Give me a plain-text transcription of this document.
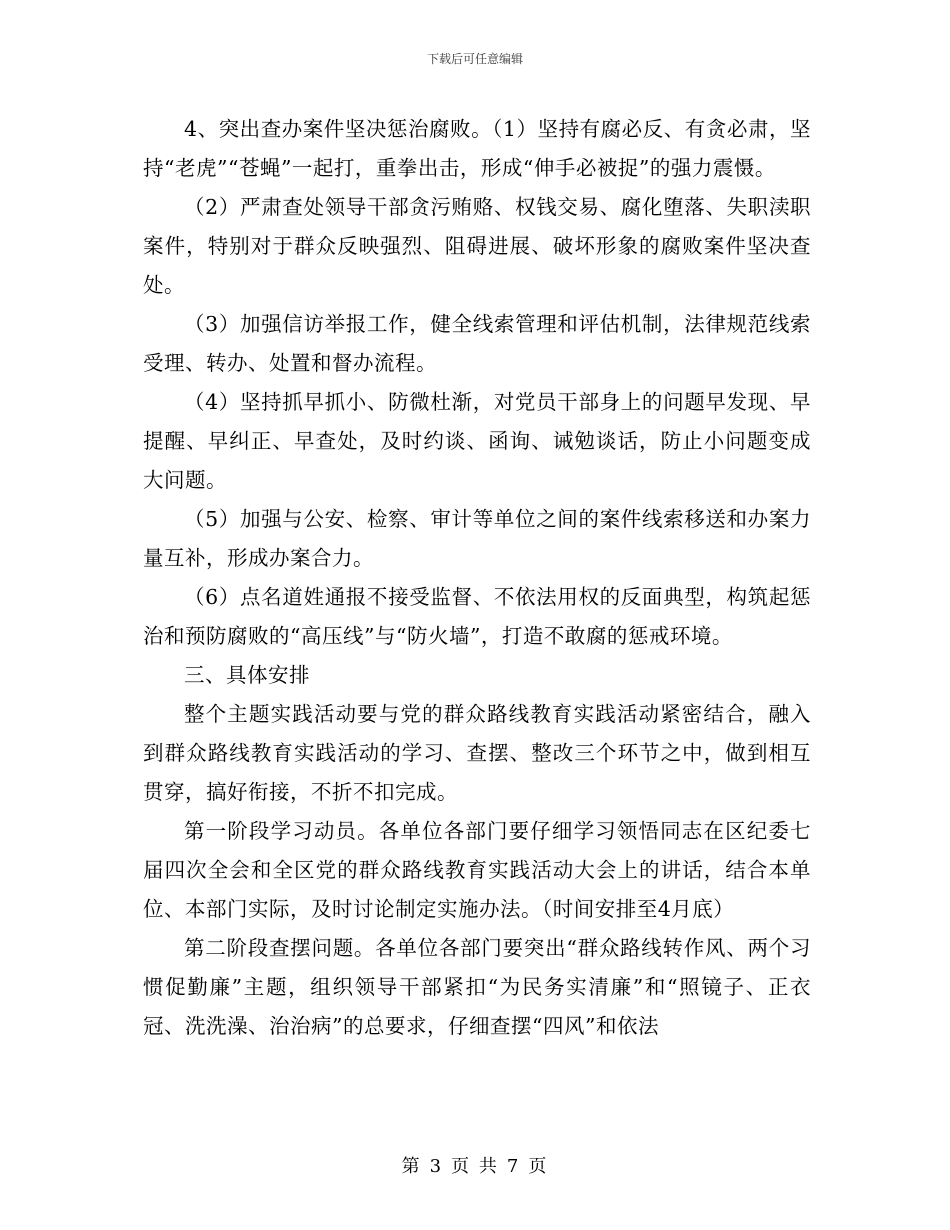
下载后可任意编辑

4、突出查办案件坚决惩治腐败。（1）坚持有腐必反、有贪必肃，坚持“老虎”“苍蝇”一起打，重拳出击，形成“伸手必被捉”的强力震慑。

（2）严肃查处领导干部贪污贿赂、权钱交易、腐化堕落、失职渎职案件，特别对于群众反映强烈、阻碍进展、破坏形象的腐败案件坚决查处。

（3）加强信访举报工作，健全线索管理和评估机制，法律规范线索受理、转办、处置和督办流程。

（4）坚持抓早抓小、防微杜渐，对党员干部身上的问题早发现、早提醒、早纠正、早查处，及时约谈、函询、诫勉谈话，防止小问题变成大问题。

（5）加强与公安、检察、审计等单位之间的案件线索移送和办案力量互补，形成办案合力。

（6）点名道姓通报不接受监督、不依法用权的反面典型，构筑起惩治和预防腐败的“高压线”与“防火墙”，打造不敢腐的惩戒环境。

三、具体安排

整个主题实践活动要与党的群众路线教育实践活动紧密结合，融入到群众路线教育实践活动的学习、查摆、整改三个环节之中，做到相互贯穿，搞好衔接，不折不扣完成。

第一阶段学习动员。各单位各部门要仔细学习领悟同志在区纪委七届四次全会和全区党的群众路线教育实践活动大会上的讲话，结合本单位、本部门实际，及时讨论制定实施办法。（时间安排至4月底）

第二阶段查摆问题。各单位各部门要突出“群众路线转作风、两个习惯促勤廉”主题，组织领导干部紧扣“为民务实清廉”和“照镜子、正衣冠、洗洗澡、治治病”的总要求，仔细查摆“四风”和依法

第 3 页 共 7 页
